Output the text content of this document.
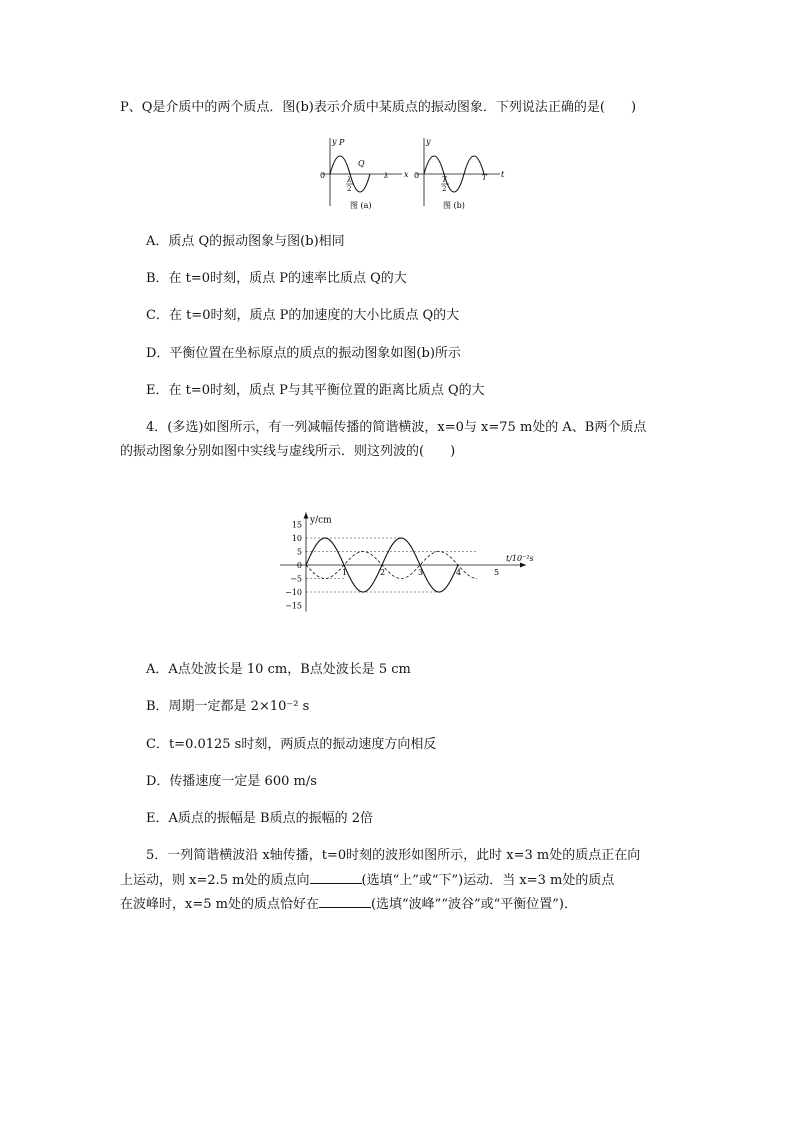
P、Q是介质中的两个质点．图(b)表示介质中某质点的振动图象．下列说法正确的是(　　)
y
x
0
P
Q
λ
2
λ
图 (a)
y
t
0	T
2
T
图 (b)
A．质点 Q的振动图象与图(b)相同
B．在 t=0时刻，质点 P的速率比质点 Q的大
C．在 t=0时刻，质点 P的加速度的大小比质点 Q的大
D．平衡位置在坐标原点的质点的振动图象如图(b)所示
E．在 t=0时刻，质点 P与其平衡位置的距离比质点 Q的大
4．(多选)如图所示，有一列减幅传播的简谐横波，x=0与 x=75 m处的 A、B两个质点
的振动图象分别如图中实线与虚线所示．则这列波的(　　)
15
10
5
0
−5
−10
−15
1	2	3	4	5
y/cm
t/10⁻²s
A．A点处波长是 10 cm，B点处波长是 5 cm
B．周期一定都是 2×10⁻² s
C．t=0.0125 s时刻，两质点的振动速度方向相反
D．传播速度一定是 600 m/s
E．A质点的振幅是 B质点的振幅的 2倍
5．一列简谐横波沿 x轴传播，t=0时刻的波形如图所示，此时 x=3 m处的质点正在向
上运动，则 x=2.5 m处的质点向	(选填“上”或“下”)运动．当 x=3 m处的质点
在波峰时，x=5 m处的质点恰好在	(选填“波峰”“波谷”或“平衡位置”)．
